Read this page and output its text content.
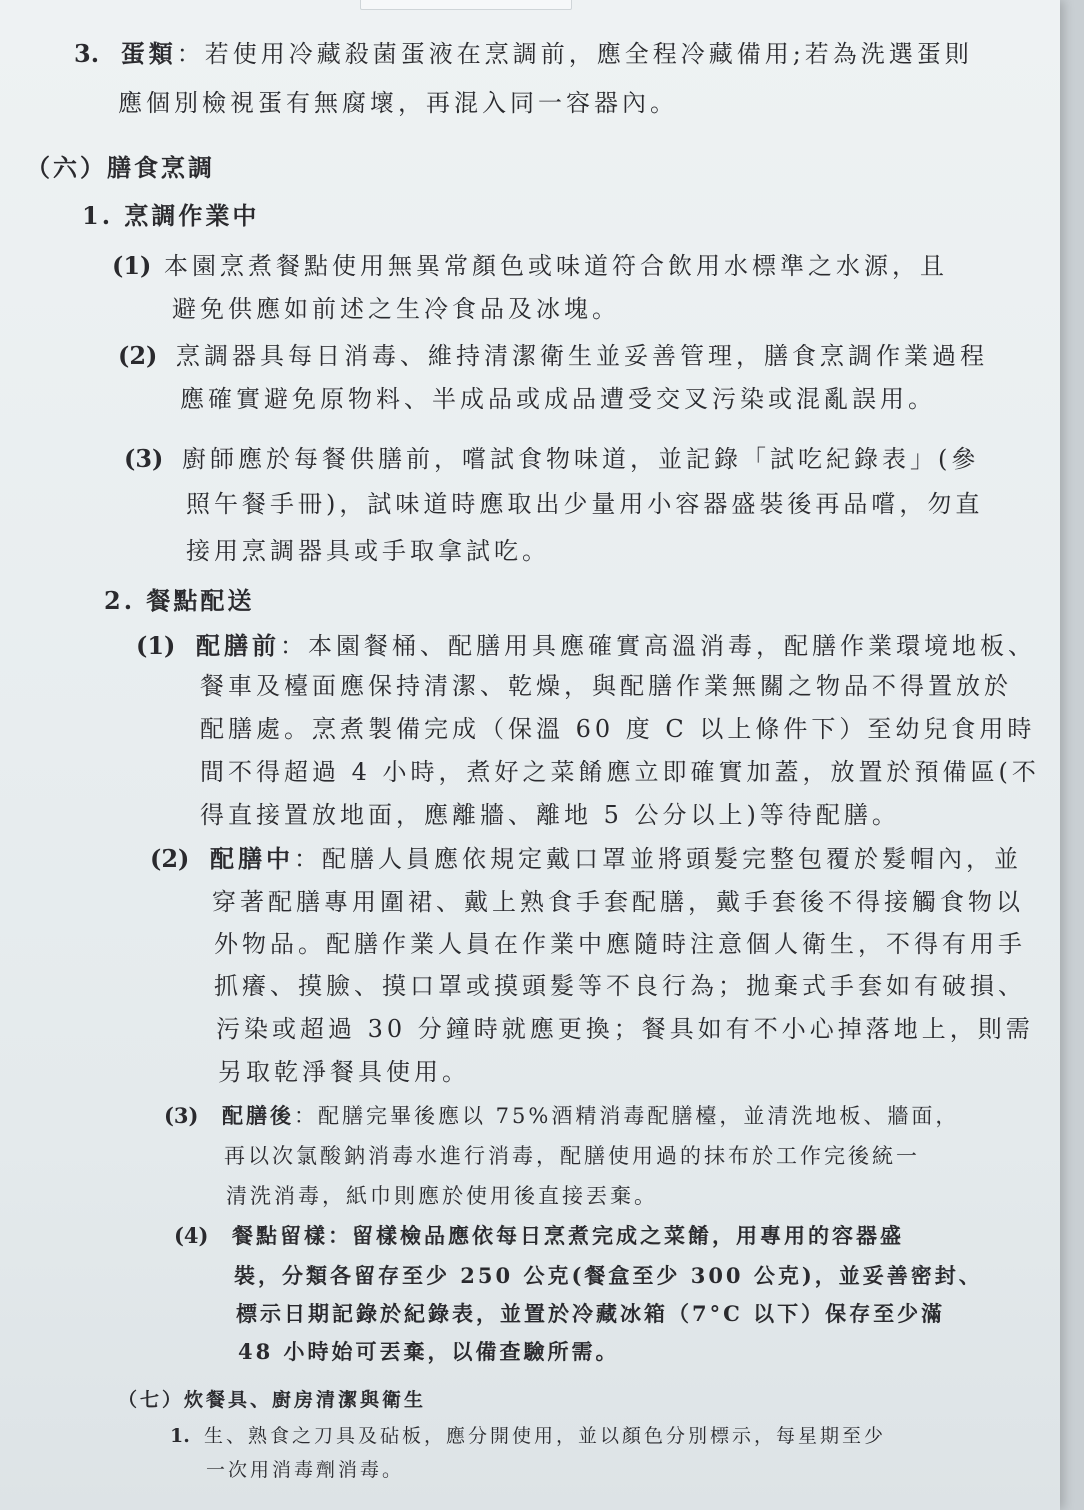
3. 蛋類：若使用冷藏殺菌蛋液在烹調前，應全程冷藏備用;若為洗選蛋則
應個別檢視蛋有無腐壞，再混入同一容器內。
（六）膳食烹調
1. 烹調作業中
(1) 本園烹煮餐點使用無異常顏色或味道符合飲用水標準之水源，且
避免供應如前述之生冷食品及冰塊。
(2) 烹調器具每日消毒、維持清潔衛生並妥善管理，膳食烹調作業過程
應確實避免原物料、半成品或成品遭受交叉污染或混亂誤用。
(3) 廚師應於每餐供膳前，嚐試食物味道，並記錄「試吃紀錄表」(參
照午餐手冊)，試味道時應取出少量用小容器盛裝後再品嚐，勿直
接用烹調器具或手取拿試吃。
2. 餐點配送
(1) 配膳前：本園餐桶、配膳用具應確實高溫消毒，配膳作業環境地板、
餐車及檯面應保持清潔、乾燥，與配膳作業無關之物品不得置放於
配膳處。烹煮製備完成（保溫 60 度 C 以上條件下）至幼兒食用時
間不得超過 4 小時，煮好之菜餚應立即確實加蓋，放置於預備區(不
得直接置放地面，應離牆、離地 5 公分以上)等待配膳。
(2) 配膳中：配膳人員應依規定戴口罩並將頭髮完整包覆於髮帽內，並
穿著配膳專用圍裙、戴上熟食手套配膳，戴手套後不得接觸食物以
外物品。配膳作業人員在作業中應隨時注意個人衛生，不得有用手
抓癢、摸臉、摸口罩或摸頭髮等不良行為；拋棄式手套如有破損、
污染或超過 30 分鐘時就應更換；餐具如有不小心掉落地上，則需
另取乾淨餐具使用。
(3) 配膳後：配膳完畢後應以 75%酒精消毒配膳檯，並清洗地板、牆面，
再以次氯酸鈉消毒水進行消毒，配膳使用過的抹布於工作完後統一
清洗消毒，紙巾則應於使用後直接丟棄。
(4) 餐點留樣：留樣檢品應依每日烹煮完成之菜餚，用專用的容器盛
裝，分類各留存至少 250 公克(餐盒至少 300 公克)，並妥善密封、
標示日期記錄於紀錄表，並置於冷藏冰箱（7°C 以下）保存至少滿
48 小時始可丟棄，以備查驗所需。
（七）炊餐具、廚房清潔與衛生
1. 生、熟食之刀具及砧板，應分開使用，並以顏色分別標示，每星期至少
一次用消毒劑消毒。
